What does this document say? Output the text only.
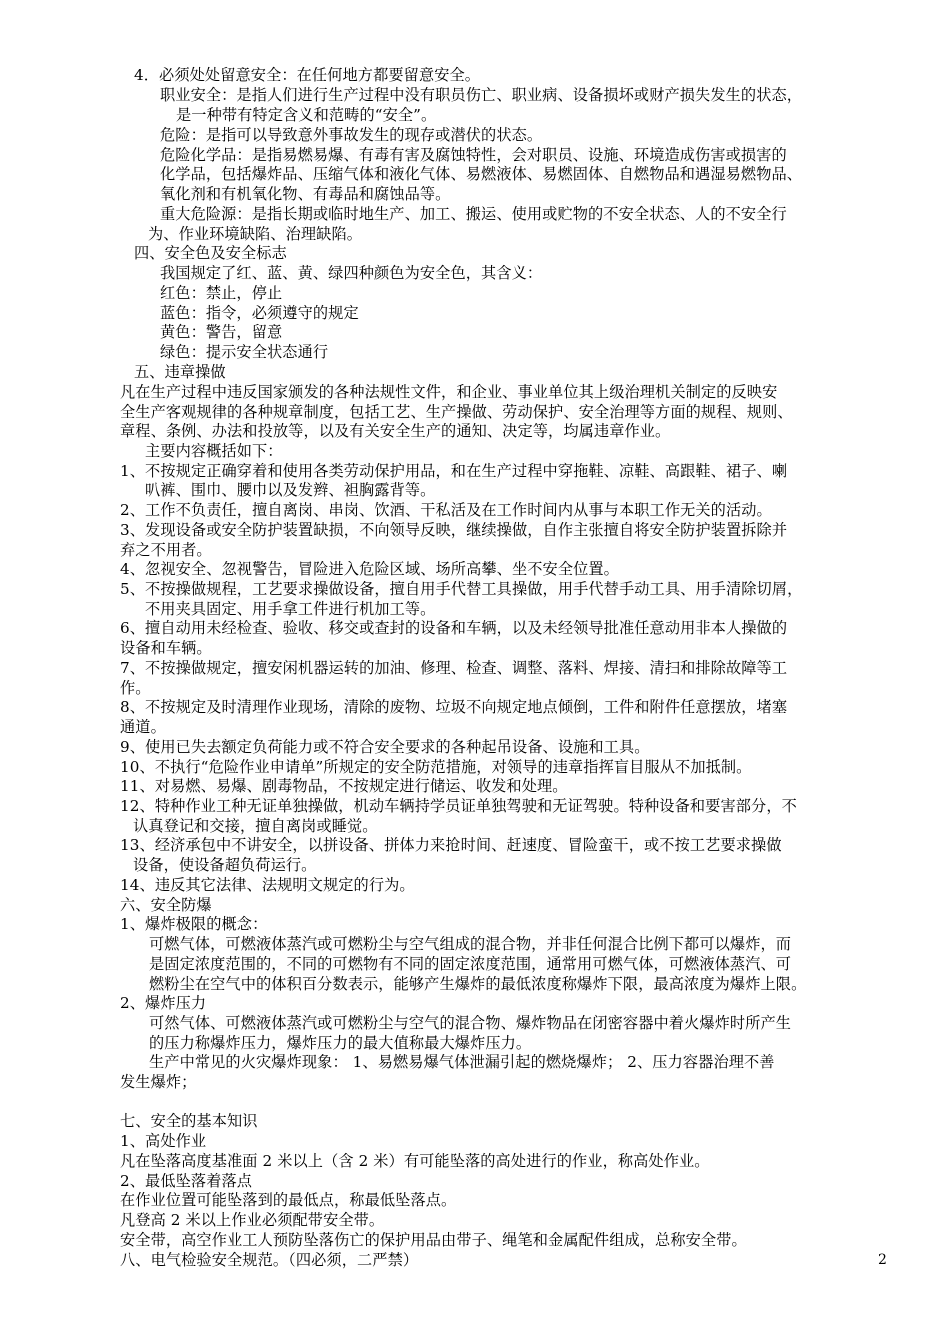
4．必须处处留意安全：在任何地方都要留意安全。
职业安全：是指人们进行生产过程中没有职员伤亡、职业病、设备损坏或财产损失发生的状态，
是一种带有特定含义和范畴的“安全”。
危险：是指可以导致意外事故发生的现存或潜伏的状态。
危险化学品：是指易燃易爆、有毒有害及腐蚀特性，会对职员、设施、环境造成伤害或损害的
化学品，包括爆炸品、压缩气体和液化气体、易燃液体、易燃固体、自燃物品和遇湿易燃物品、
氧化剂和有机氧化物、有毒品和腐蚀品等。
重大危险源：是指长期或临时地生产、加工、搬运、使用或贮物的不安全状态、人的不安全行
为、作业环境缺陷、治理缺陷。
四、安全色及安全标志
我国规定了红、蓝、黄、绿四种颜色为安全色，其含义：
红色：禁止，停止
蓝色：指令，必须遵守的规定
黄色：警告，留意
绿色：提示安全状态通行
五、违章操做
凡在生产过程中违反国家颁发的各种法规性文件，和企业、事业单位其上级治理机关制定的反映安
全生产客观规律的各种规章制度，包括工艺、生产操做、劳动保护、安全治理等方面的规程、规则、
章程、条例、办法和投放等，以及有关安全生产的通知、决定等，均属违章作业。
主要内容概括如下：
1、不按规定正确穿着和使用各类劳动保护用品，和在生产过程中穿拖鞋、凉鞋、高跟鞋、裙子、喇
叭裤、围巾、腰巾以及发辫、袒胸露背等。
2、工作不负责任，擅自离岗、串岗、饮酒、干私活及在工作时间内从事与本职工作无关的活动。
3、发现设备或安全防护装置缺损，不向领导反映，继续操做，自作主张擅自将安全防护装置拆除并
弃之不用者。
4、忽视安全、忽视警告，冒险进入危险区域、场所高攀、坐不安全位置。
5、不按操做规程，工艺要求操做设备，擅自用手代替工具操做，用手代替手动工具、用手清除切屑，
不用夹具固定、用手拿工件进行机加工等。
6、擅自动用未经检查、验收、移交或查封的设备和车辆，以及未经领导批准任意动用非本人操做的
设备和车辆。
7、不按操做规定，擅安闲机器运转的加油、修理、检查、调整、落料、焊接、清扫和排除故障等工
作。
8、不按规定及时清理作业现场，清除的废物、垃圾不向规定地点倾倒，工件和附件任意摆放，堵塞
通道。
9、使用已失去额定负荷能力或不符合安全要求的各种起吊设备、设施和工具。
10、不执行“危险作业申请单”所规定的安全防范措施，对领导的违章指挥盲目服从不加抵制。
11、对易燃、易爆、剧毒物品，不按规定进行储运、收发和处理。
12、特种作业工种无证单独操做，机动车辆持学员证单独驾驶和无证驾驶。特种设备和要害部分，不
认真登记和交接，擅自离岗或睡觉。
13、经济承包中不讲安全，以拼设备、拼体力来抢时间、赶速度、冒险蛮干，或不按工艺要求操做
设备，使设备超负荷运行。
14、违反其它法律、法规明文规定的行为。
六、安全防爆
1、爆炸极限的概念：
可燃气体，可燃液体蒸汽或可燃粉尘与空气组成的混合物，并非任何混合比例下都可以爆炸，而
是固定浓度范围的，不同的可燃物有不同的固定浓度范围，通常用可燃气体，可燃液体蒸汽、可
燃粉尘在空气中的体积百分数表示，能够产生爆炸的最低浓度称爆炸下限，最高浓度为爆炸上限。
2、爆炸压力
可然气体、可燃液体蒸汽或可燃粉尘与空气的混合物、爆炸物品在闭密容器中着火爆炸时所产生
的压力称爆炸压力，爆炸压力的最大值称最大爆炸压力。
生产中常见的火灾爆炸现象： 1、易燃易爆气体泄漏引起的燃烧爆炸； 2、压力容器治理不善
发生爆炸；
七、安全的基本知识
1、高处作业
凡在坠落高度基准面 2 米以上（含 2 米）有可能坠落的高处进行的作业，称高处作业。
2、最低坠落着落点
在作业位置可能坠落到的最低点，称最低坠落点。
凡登高 2 米以上作业必须配带安全带。
安全带，高空作业工人预防坠落伤亡的保护用品由带子、绳笔和金属配件组成，总称安全带。
八、电气检验安全规范。（四必须，二严禁）	2
